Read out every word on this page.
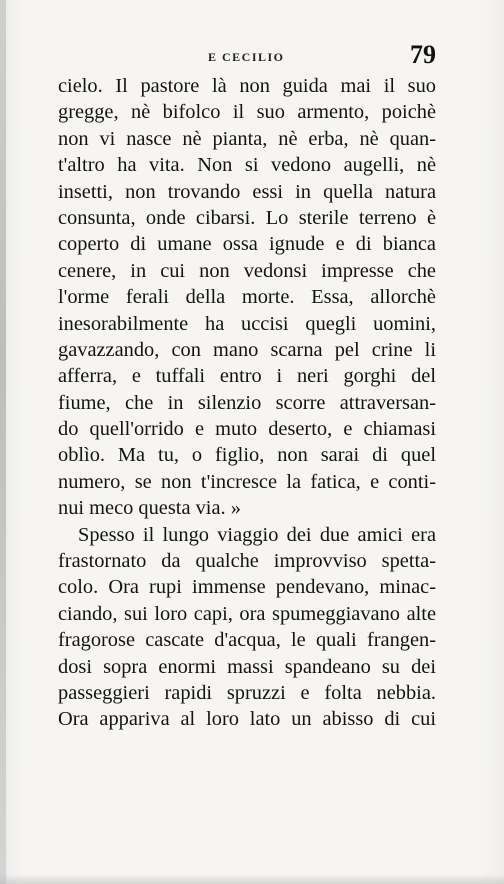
E CECILIO	79
cielo. Il pastore là non guida mai il suo
gregge, nè bifolco il suo armento, poichè
non vi nasce nè pianta, nè erba, nè quan-
t'altro ha vita. Non si vedono augelli, nè
insetti, non trovando essi in quella natura
consunta, onde cibarsi. Lo sterile terreno è
coperto di umane ossa ignude e di bianca
cenere, in cui non vedonsi impresse che
l'orme ferali della morte. Essa, allorchè
inesorabilmente ha uccisi quegli uomini,
gavazzando, con mano scarna pel crine li
afferra, e tuffali entro i neri gorghi del
fiume, che in silenzio scorre attraversan-
do quell'orrido e muto deserto, e chiamasi
oblìo. Ma tu, o figlio, non sarai di quel
numero, se non t'incresce la fatica, e conti-
nui meco questa via. »
Spesso il lungo viaggio dei due amici era
frastornato da qualche improvviso spetta-
colo. Ora rupi immense pendevano, minac-
ciando, sui loro capi, ora spumeggiavano alte
fragorose cascate d'acqua, le quali frangen-
dosi sopra enormi massi spandeano su dei
passeggieri rapidi spruzzi e folta nebbia.
Ora appariva al loro lato un abisso di cui
